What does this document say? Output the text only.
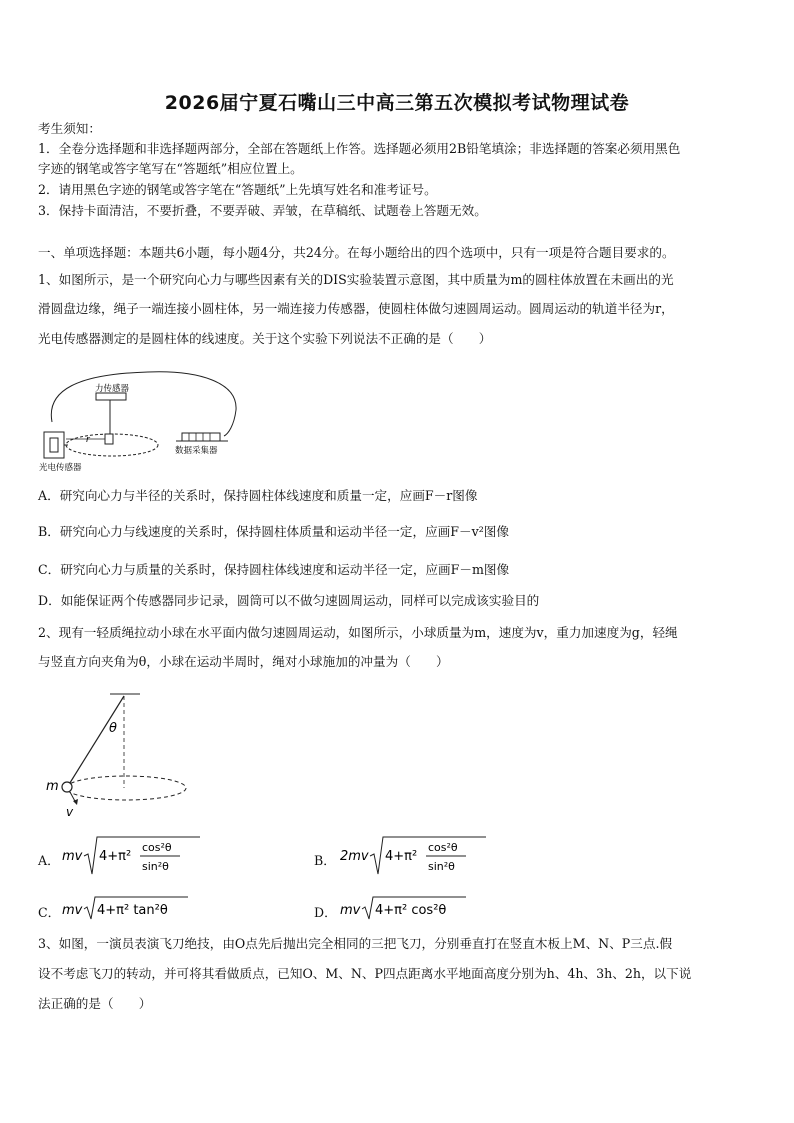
2026届宁夏石嘴山三中高三第五次模拟考试物理试卷
考生须知：
1．全卷分选择题和非选择题两部分，全部在答题纸上作答。选择题必须用2B铅笔填涂；非选择题的答案必须用黑色
字迹的钢笔或答字笔写在“答题纸”相应位置上。
2．请用黑色字迹的钢笔或答字笔在“答题纸”上先填写姓名和准考证号。
3．保持卡面清洁，不要折叠，不要弄破、弄皱，在草稿纸、试题卷上答题无效。
一、单项选择题：本题共6小题，每小题4分，共24分。在每小题给出的四个选项中，只有一项是符合题目要求的。
1、如图所示，是一个研究向心力与哪些因素有关的DIS实验装置示意图，其中质量为m的圆柱体放置在未画出的光
滑圆盘边缘，绳子一端连接小圆柱体，另一端连接力传感器，使圆柱体做匀速圆周运动。圆周运动的轨道半径为r，
光电传感器测定的是圆柱体的线速度。关于这个实验下列说法不正确的是（　　）
力传感器
r
光电传感器
数据采集器
A．研究向心力与半径的关系时，保持圆柱体线速度和质量一定，应画F－r图像
B．研究向心力与线速度的关系时，保持圆柱体质量和运动半径一定，应画F－v²图像
C．研究向心力与质量的关系时，保持圆柱体线速度和运动半径一定，应画F－m图像
D．如能保证两个传感器同步记录，圆筒可以不做匀速圆周运动，同样可以完成该实验目的
2、现有一轻质绳拉动小球在水平面内做匀速圆周运动，如图所示，小球质量为m，速度为v，重力加速度为g，轻绳
与竖直方向夹角为θ，小球在运动半周时，绳对小球施加的冲量为（　　）
θ
m
v
A． mv 4+π²
cos²θ
sin²θ	B． 2mv 4+π²
cos²θ
sin²θ
C． mv 4+π² tan²θ	D． mv 4+π² cos²θ
3、如图，一演员表演飞刀绝技，由O点先后抛出完全相同的三把飞刀，分别垂直打在竖直木板上M、N、P三点.假
设不考虑飞刀的转动，并可将其看做质点，已知O、M、N、P四点距离水平地面高度分别为h、4h、3h、2h，以下说
法正确的是（　　）
